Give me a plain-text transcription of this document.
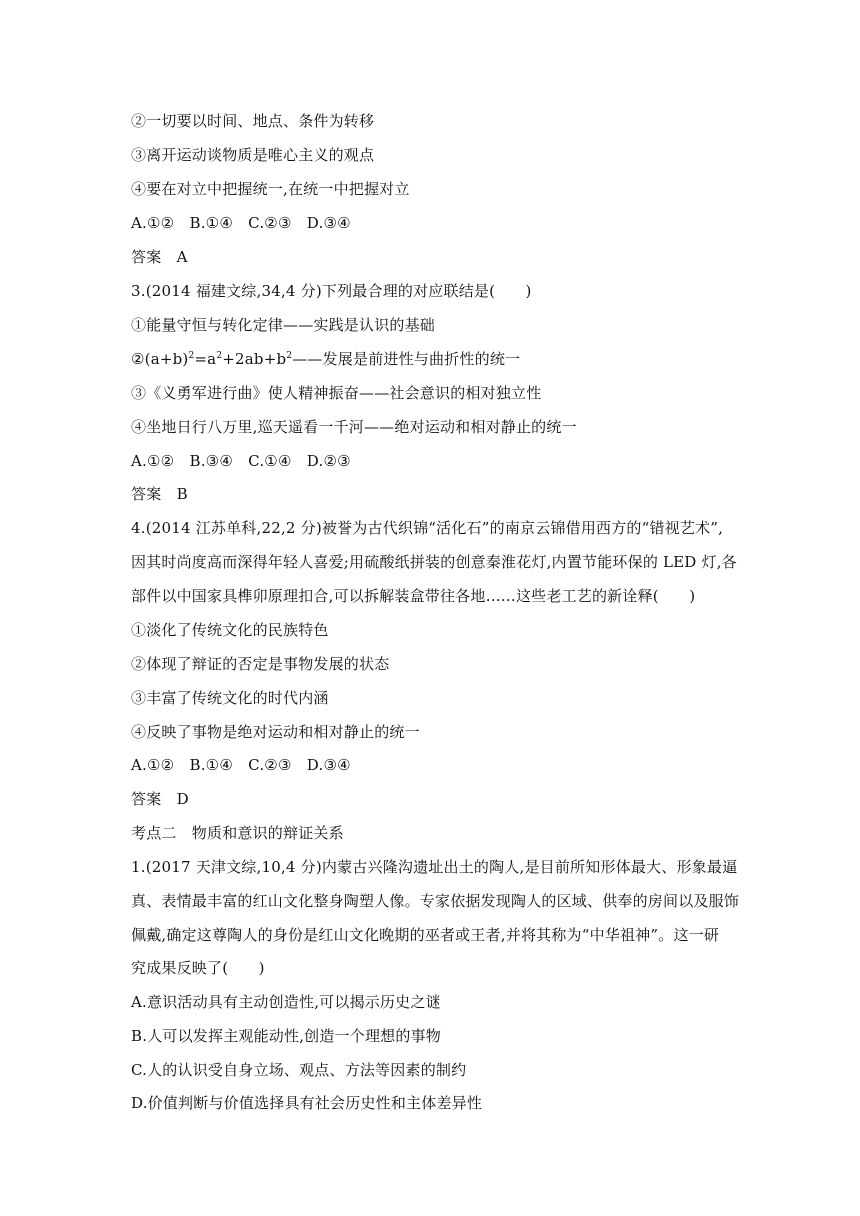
②一切要以时间、地点、条件为转移
③离开运动谈物质是唯心主义的观点
④要在对立中把握统一,在统一中把握对立
A.①②　B.①④　C.②③　D.③④
答案　A
3.(2014 福建文综,34,4 分)下列最合理的对应联结是(　　)
①能量守恒与转化定律——实践是认识的基础
$②(a+b)^2=a^2+2ab+b^2——$发展是前进性与曲折性的统一
③《义勇军进行曲》使人精神振奋——社会意识的相对独立性
④坐地日行八万里,巡天遥看一千河——绝对运动和相对静止的统一
A.①②　B.③④　C.①④　D.②③
答案　B
4.(2014 江苏单科,22,2 分)被誉为古代织锦“活化石”的南京云锦借用西方的“错视艺术”,
因其时尚度高而深得年轻人喜爱;用硫酸纸拼装的创意秦淮花灯,内置节能环保的 LED 灯,各
部件以中国家具榫卯原理扣合,可以拆解装盒带往各地……这些老工艺的新诠释(　　)
①淡化了传统文化的民族特色
②体现了辩证的否定是事物发展的状态
③丰富了传统文化的时代内涵
④反映了事物是绝对运动和相对静止的统一
A.①②　B.①④　C.②③　D.③④
答案　D
考点二　物质和意识的辩证关系
1.(2017 天津文综,10,4 分)内蒙古兴隆沟遗址出土的陶人,是目前所知形体最大、形象最逼
真、表情最丰富的红山文化整身陶塑人像。专家依据发现陶人的区域、供奉的房间以及服饰
佩戴,确定这尊陶人的身份是红山文化晚期的巫者或王者,并将其称为“中华祖神”。这一研
究成果反映了(　　)
A.意识活动具有主动创造性,可以揭示历史之谜
B.人可以发挥主观能动性,创造一个理想的事物
C.人的认识受自身立场、观点、方法等因素的制约
D.价值判断与价值选择具有社会历史性和主体差异性
